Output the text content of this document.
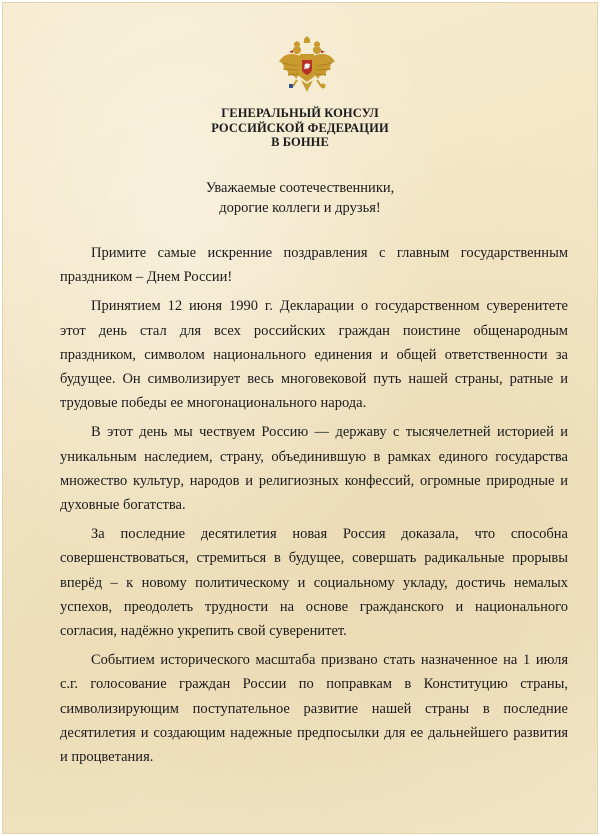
ГЕНЕРАЛЬНЫЙ КОНСУЛ
РОССИЙСКОЙ ФЕДЕРАЦИИ
В БОННЕ
Уважаемые соотечественники,
дорогие коллеги и друзья!

Примите самые искренние поздравления с главным государственным праздником – Днем России!

Принятием 12 июня 1990 г. Декларации о государственном суверенитете этот день стал для всех российских граждан поистине общенародным праздником, символом национального единения и общей ответственности за будущее. Он символизирует весь многовековой путь нашей страны, ратные и трудовые победы ее многонационального народа.

В этот день мы чествуем Россию — державу с тысячелетней историей и уникальным наследием, страну, объединившую в рамках единого государства множество культур, народов и религиозных конфессий, огромные природные и духовные богатства.

За последние десятилетия новая Россия доказала, что способна совершенствоваться, стремиться в будущее, совершать радикальные прорывы вперёд – к новому политическому и социальному укладу, достичь немалых успехов, преодолеть трудности на основе гражданского и национального согласия, надёжно укрепить свой суверенитет.

Событием исторического масштаба призвано стать назначенное на 1 июля с.г. голосование граждан России по поправкам в Конституцию страны, символизирующим поступательное развитие нашей страны в последние десятилетия и создающим надежные предпосылки для ее дальнейшего развития и процветания.
